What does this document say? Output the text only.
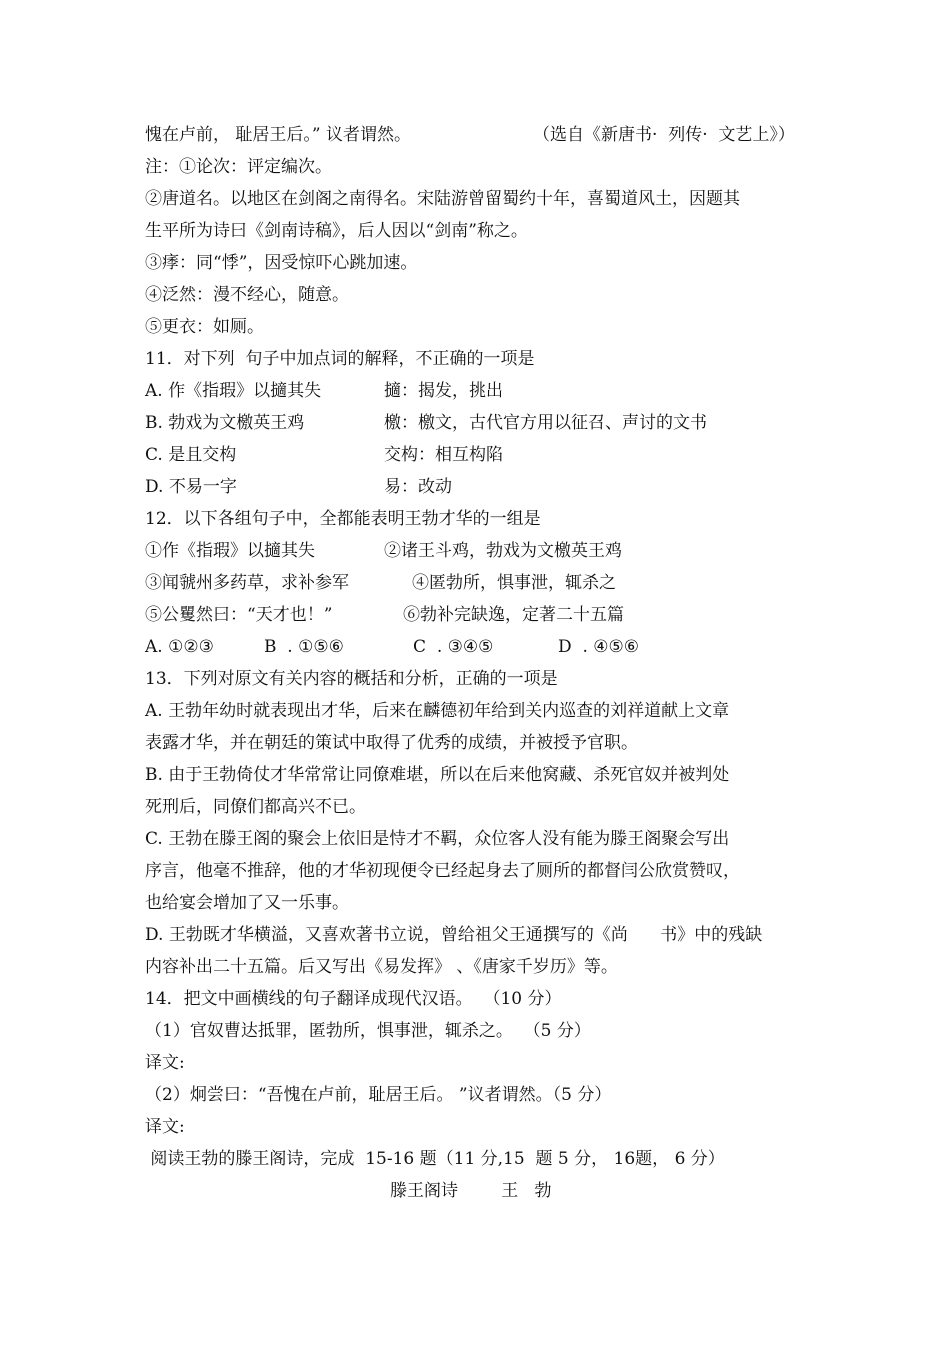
愧在卢前， 耻居王后。” 议者谓然。	（选自《新唐书·  列传·  文艺上》）
注：①论次：评定编次。
②唐道名。以地区在剑阁之南得名。宋陆游曾留蜀约十年，喜蜀道风土，因题其
生平所为诗曰《剑南诗稿》，后人因以“剑南”称之。
③痵：同“悸”，因受惊吓心跳加速。
④泛然：漫不经心，随意。
⑤更衣：如厕。
11．对下列  句子中加点词的解释，不正确的一项是
A. 作《指瑕》以擿其失	擿：揭发，挑出
B. 勃戏为文檄英王鸡	檄：檄文，古代官方用以征召、声讨的文书
C. 是且交构	交构：相互构陷
D. 不易一字	易：改动
12．以下各组句子中，全都能表明王勃才华的一组是
①作《指瑕》以擿其失	②诸王斗鸡，勃戏为文檄英王鸡
③闻虢州多药草，求补参军	④匿勃所，惧事泄，辄杀之
⑤公矍然曰：“天才也！”	⑥勃补完缺逸，定著二十五篇
A. ①②③	B  . ①⑤⑥	C  . ③④⑤	D  . ④⑤⑥
13．下列对原文有关内容的概括和分析，正确的一项是
A. 王勃年幼时就表现出才华，后来在麟德初年给到关内巡查的刘祥道献上文章
表露才华，并在朝廷的策试中取得了优秀的成绩，并被授予官职。
B. 由于王勃倚仗才华常常让同僚难堪，所以在后来他窝藏、杀死官奴并被判处
死刑后，同僚们都高兴不已。
C. 王勃在滕王阁的聚会上依旧是恃才不羁，众位客人没有能为滕王阁聚会写出
序言，他毫不推辞，他的才华初现便令已经起身去了厕所的都督闫公欣赏赞叹，
也给宴会增加了又一乐事。
D. 王勃既才华横溢，又喜欢著书立说，曾给祖父王通撰写的《尚      书》中的残缺
内容补出二十五篇。后又写出《易发挥》 、《唐家千岁历》等。
14．把文中画横线的句子翻译成现代汉语。  （10 分）
（1）官奴曹达抵罪，匿勃所，惧事泄，辄杀之。  （5 分）
译文:
（2）炯尝曰：“吾愧在卢前，耻居王后。 ”议者谓然。（5 分）
译文:
阅读王勃的滕王阁诗，完成  15-16 题（11 分,15  题 5 分， 16题， 6 分）
滕王阁诗        王   勃
